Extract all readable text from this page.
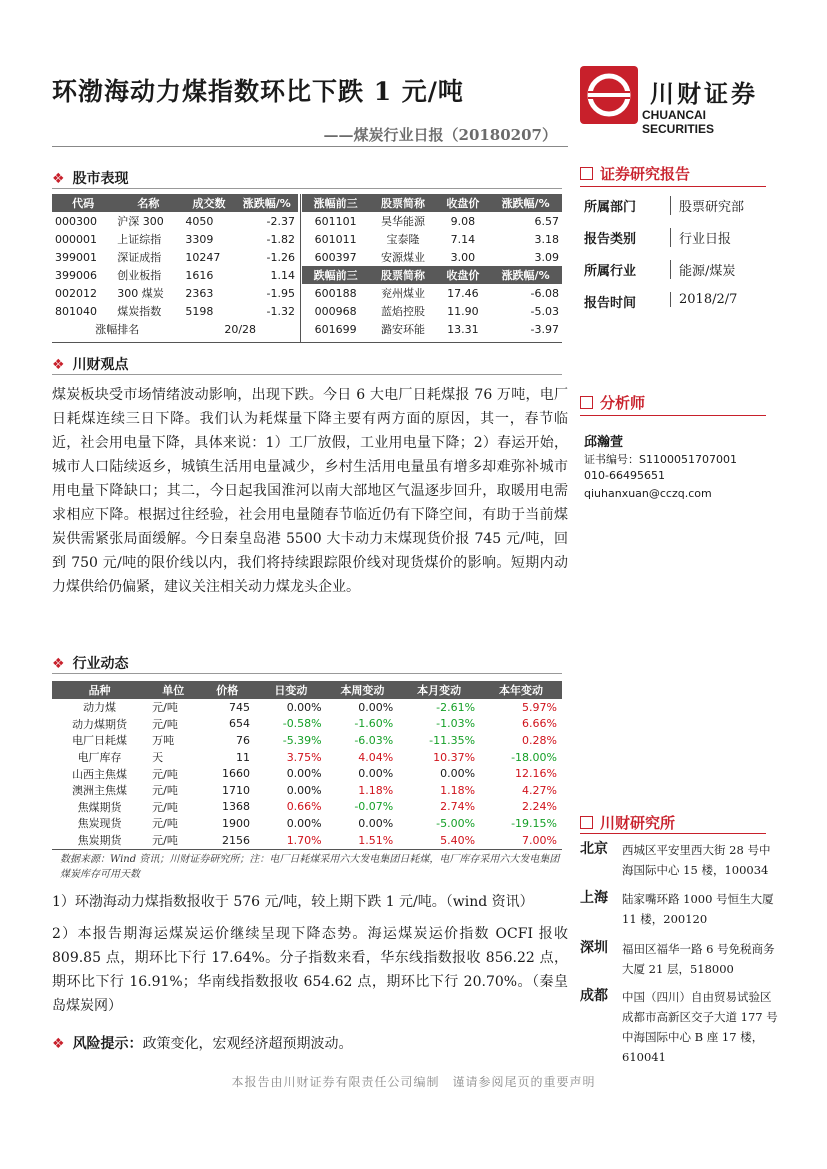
环渤海动力煤指数环比下跌 1 元/吨
——煤炭行业日报（20180207）
川财证券
CHUANCAI SECURITIES
❖ 股市表现
代码	名称	成交数	涨跌幅/%
000300	沪深 300	4050	-2.37
000001	上证综指	3309	-1.82
399001	深证成指	10247	-1.26
399006	创业板指	1616	1.14
002012	300 煤炭	2363	-1.95
801040	煤炭指数	5198	-1.32
涨幅排名		20/28	
涨幅前三	股票简称	收盘价	涨跌幅/%
601101	昊华能源	9.08	6.57
601011	宝泰隆	7.14	3.18
600397	安源煤业	3.00	3.09
跌幅前三	股票简称	收盘价	涨跌幅/%
600188	兖州煤业	17.46	-6.08
000968	蓝焰控股	11.90	-5.03
601699	潞安环能	13.31	-3.97
❖ 川财观点
煤炭板块受市场情绪波动影响，出现下跌。今日 6 大电厂日耗煤报 76 万吨，电厂日耗煤连续三日下降。我们认为耗煤量下降主要有两方面的原因，其一，春节临近，社会用电量下降，具体来说：1）工厂放假，工业用电量下降；2）春运开始，城市人口陆续返乡，城镇生活用电量减少，乡村生活用电量虽有增多却难弥补城市用电量下降缺口；其二，今日起我国淮河以南大部地区气温逐步回升，取暖用电需求相应下降。根据过往经验，社会用电量随春节临近仍有下降空间，有助于当前煤炭供需紧张局面缓解。今日秦皇岛港 5500 大卡动力末煤现货价报 745 元/吨，回到 750 元/吨的限价线以内，我们将持续跟踪限价线对现货煤价的影响。短期内动力煤供给仍偏紧，建议关注相关动力煤龙头企业。
❖ 行业动态
品种	单位	价格	日变动	本周变动	本月变动	本年变动
动力煤	元/吨	745	0.00%	0.00%	-2.61%	5.97%
动力煤期货	元/吨	654	-0.58%	-1.60%	-1.03%	6.66%
电厂日耗煤	万吨	76	-5.39%	-6.03%	-11.35%	0.28%
电厂库存	天	11	3.75%	4.04%	10.37%	-18.00%
山西主焦煤	元/吨	1660	0.00%	0.00%	0.00%	12.16%
澳洲主焦煤	元/吨	1710	0.00%	1.18%	1.18%	4.27%
焦煤期货	元/吨	1368	0.66%	-0.07%	2.74%	2.24%
焦炭现货	元/吨	1900	0.00%	0.00%	-5.00%	-19.15%
焦炭期货	元/吨	2156	1.70%	1.51%	5.40%	7.00%
数据来源：Wind 资讯；川财证券研究所；注：电厂日耗煤采用六大发电集团日耗煤，电厂库存采用六大发电集团煤炭库存可用天数
1）环渤海动力煤指数报收于 576 元/吨，较上期下跌 1 元/吨。（wind 资讯）
2）本报告期海运煤炭运价继续呈现下降态势。海运煤炭运价指数 OCFI 报收 809.85 点，期环比下行 17.64%。分子指数来看，华东线指数报收 856.22 点，期环比下行 16.91%；华南线指数报收 654.62 点，期环比下行 20.70%。（秦皇岛煤炭网）
❖ 风险提示：政策变化，宏观经济超预期波动。
证券研究报告
所属部门	股票研究部
报告类别	行业日报
所属行业	能源/煤炭
报告时间	2018/2/7
分析师
邱瀚萱
证书编号：S1100051707001
010-66495651
qiuhanxuan@cczq.com
川财研究所
北京 西城区平安里西大街 28 号中海国际中心 15 楼，100034
上海 陆家嘴环路 1000 号恒生大厦 11 楼，200120
深圳 福田区福华一路 6 号免税商务大厦 21 层，518000
成都 中国（四川）自由贸易试验区成都市高新区交子大道 177 号中海国际中心 B 座 17 楼，610041
本报告由川财证券有限责任公司编制　谨请参阅尾页的重要声明
